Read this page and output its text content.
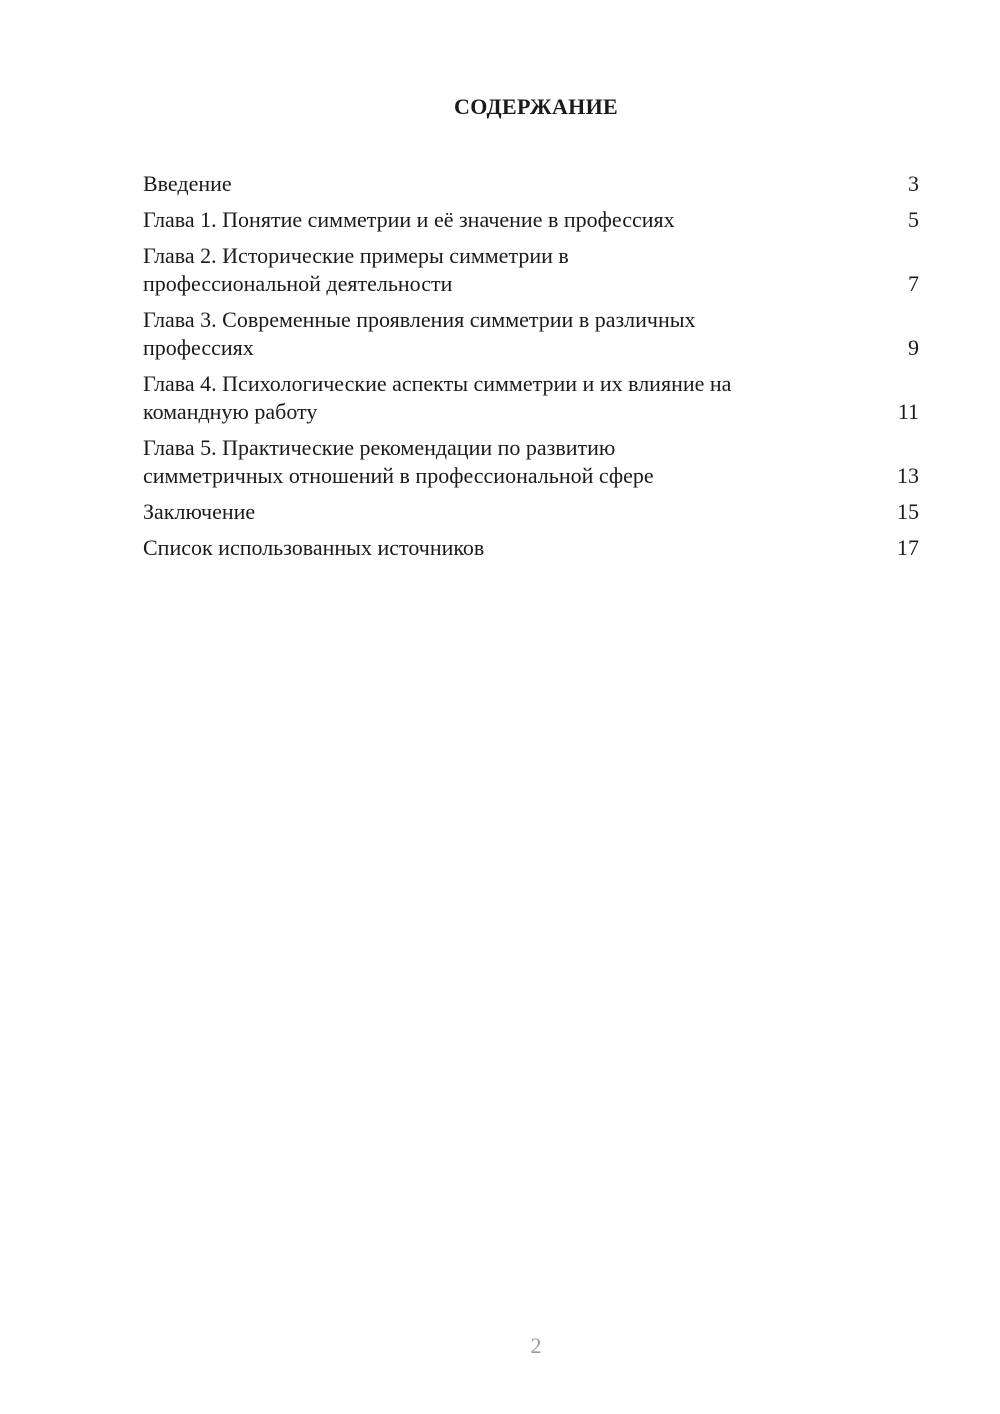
СОДЕРЖАНИЕ
Введение	3
Глава 1. Понятие симметрии и её значение в профессиях	5
Глава 2. Исторические примеры симметрии в
профессиональной деятельности	7
Глава 3. Современные проявления симметрии в различных
профессиях	9
Глава 4. Психологические аспекты симметрии и их влияние на
командную работу	11
Глава 5. Практические рекомендации по развитию
симметричных отношений в профессиональной сфере	13
Заключение	15
Список использованных источников	17
2
